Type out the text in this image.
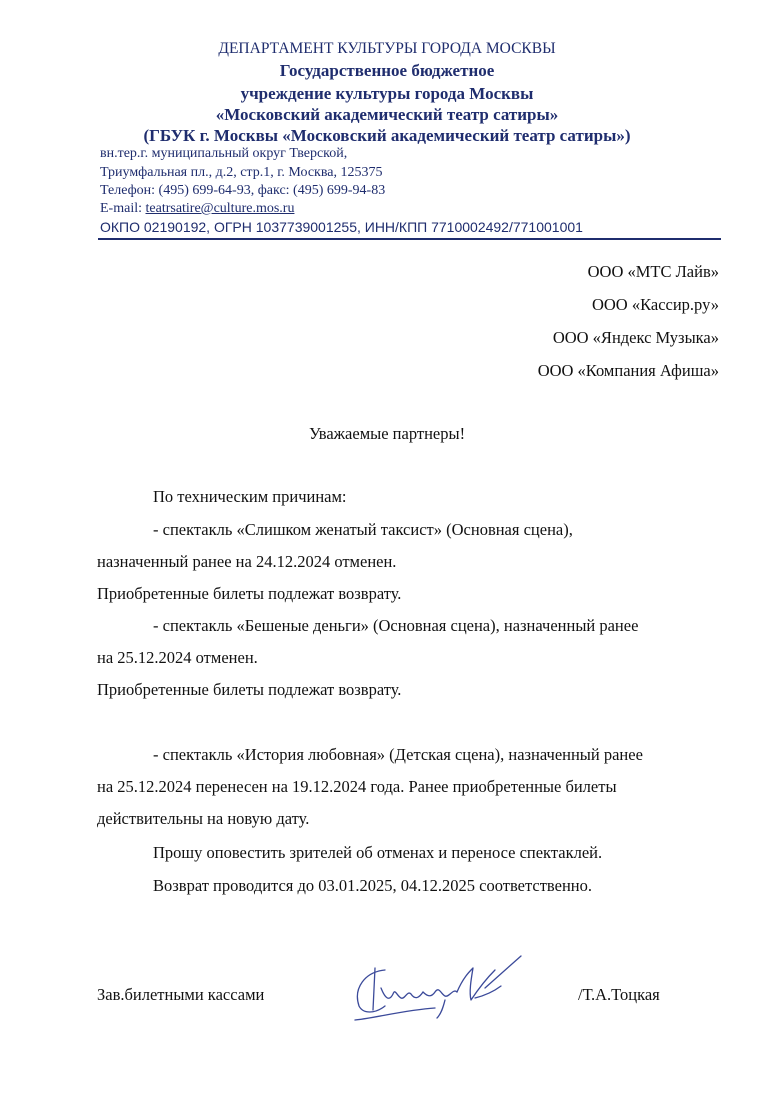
ДЕПАРТАМЕНТ КУЛЬТУРЫ ГОРОДА МОСКВЫ
Государственное бюджетное
учреждение культуры города Москвы
«Московский академический театр сатиры»
(ГБУК г. Москвы «Московский академический театр сатиры»)
вн.тер.г. муниципальный округ Тверской,
Триумфальная пл., д.2, стр.1, г. Москва, 125375
Телефон: (495) 699-64-93, факс: (495) 699-94-83
E-mail: teatrsatire@culture.mos.ru
ОКПО 02190192, ОГРН 1037739001255, ИНН/КПП 7710002492/771001001
ООО «МТС Лайв»
ООО «Кассир.ру»
ООО «Яндекс Музыка»
ООО «Компания Афиша»
Уважаемые партнеры!
По техническим причинам:
- спектакль «Слишком женатый таксист» (Основная сцена),
назначенный ранее на 24.12.2024 отменен.
Приобретенные билеты подлежат возврату.
- спектакль «Бешеные деньги» (Основная сцена), назначенный ранее
на 25.12.2024 отменен.
Приобретенные билеты подлежат возврату.
- спектакль «История любовная» (Детская сцена), назначенный ранее
на 25.12.2024 перенесен на 19.12.2024 года. Ранее приобретенные билеты
действительны на новую дату.
Прошу оповестить зрителей об отменах и переносе спектаклей.
Возврат проводится до 03.01.2025, 04.12.2025 соответственно.
Зав.билетными кассами	/Т.А.Тоцкая
